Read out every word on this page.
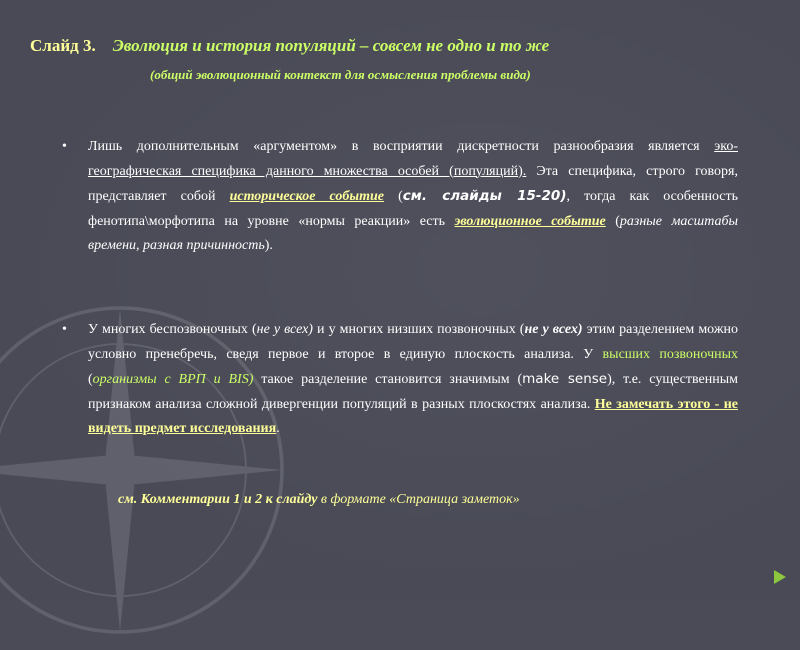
Слайд 3. Эволюция и история популяций – совсем не одно и то же
(общий эволюционный контекст для осмысления проблемы вида)
•	Лишь дополнительным «аргументом» в восприятии дискретности разнообразия является эко-географическая специфика данного множества особей (популяций). Эта специфика, строго говоря, представляет собой историческое событие (см. слайды 15-20), тогда как особенность фенотипа\морфотипа на уровне «нормы реакции» есть эволюционное событие (разные масштабы времени, разная причинность).
•	У многих беспозвоночных (не у всех) и у многих низших позвоночных (не у всех) этим разделением можно условно пренебречь, сведя первое и второе в единую плоскость анализа. У высших позвоночных (организмы с ВРП и BIS) такое разделение становится значимым (make sense), т.е. существенным признаком анализа сложной дивергенции популяций в разных плоскостях анализа. Не замечать этого - не видеть предмет исследования.
см. Комментарии 1 и 2 к слайду в формате «Страница заметок»
